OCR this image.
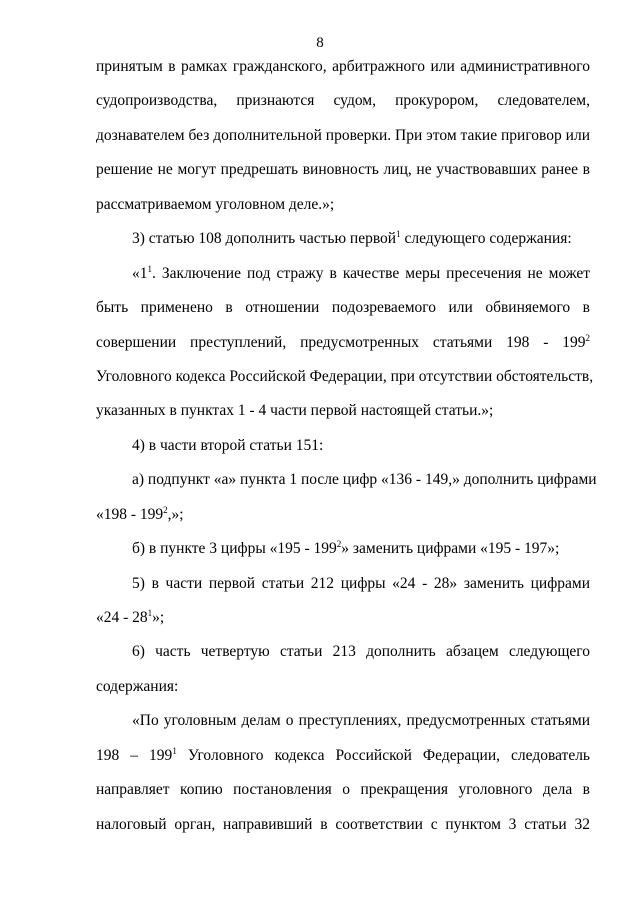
8
принятым в рамках гражданского, арбитражного или административного
судопроизводства, признаются судом, прокурором, следователем,
дознавателем без дополнительной проверки. При этом такие приговор или
решение не могут предрешать виновность лиц, не участвовавших ранее в
рассматриваемом уголовном деле.»;
3) статью 108 дополнить частью первой$^1$ следующего содержания:
«$1^1$. Заключение под стражу в качестве меры пресечения не может
быть применено в отношении подозреваемого или обвиняемого в
совершении преступлений, предусмотренных статьями $198 - 199^2$
Уголовного кодекса Российской Федерации, при отсутствии обстоятельств,
указанных в пунктах 1 - 4 части первой настоящей статьи.»;
4) в части второй статьи 151:
а) подпункт «а» пункта 1 после цифр «136 - 149,» дополнить цифрами
«$198 - 199^2$,»;
б) в пункте 3 цифры «$195 - 199^2$» заменить цифрами «195 - 197»;
5) в части первой статьи 212 цифры «24 - 28» заменить цифрами
«$24 - 28^1$»;
6) часть четвертую статьи 213 дополнить абзацем следующего
содержания:
«По уголовным делам о преступлениях, предусмотренных статьями
$198 - 199^1$ Уголовного кодекса Российской Федерации, следователь
направляет копию постановления о прекращения уголовного дела в
налоговый орган, направивший в соответствии с пунктом 3 статьи 32
